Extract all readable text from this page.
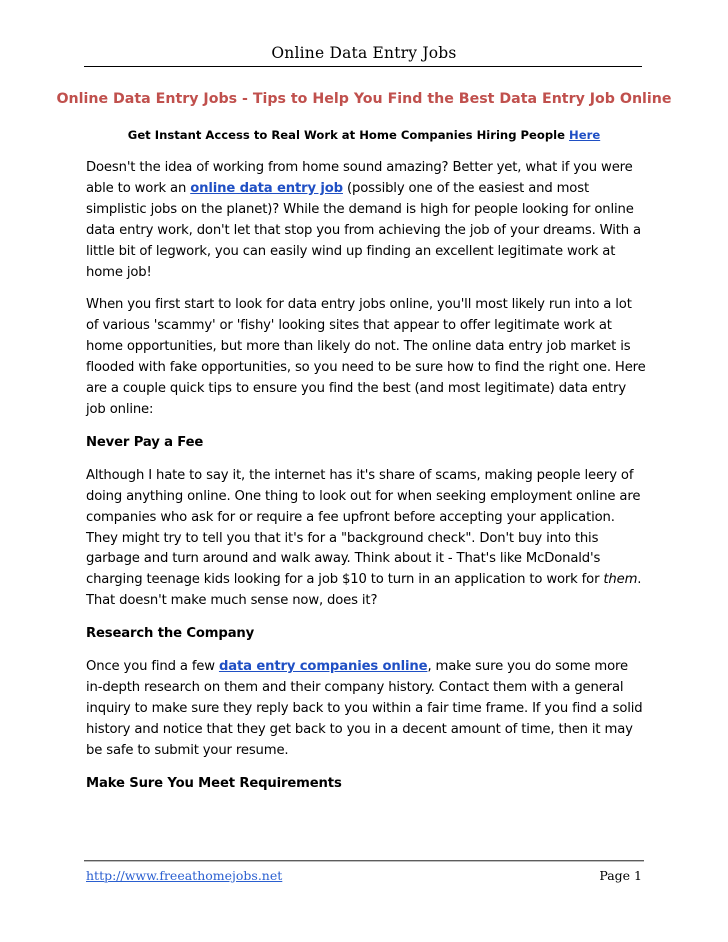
Online Data Entry Jobs
Online Data Entry Jobs - Tips to Help You Find the Best Data Entry Job Online
Get Instant Access to Real Work at Home Companies Hiring People Here

Doesn't the idea of working from home sound amazing? Better yet, what if you were able to work an online data entry job (possibly one of the easiest and most simplistic jobs on the planet)? While the demand is high for people looking for online data entry work, don't let that stop you from achieving the job of your dreams. With a little bit of legwork, you can easily wind up finding an excellent legitimate work at home job!

When you first start to look for data entry jobs online, you'll most likely run into a lot of various 'scammy' or 'fishy' looking sites that appear to offer legitimate work at home opportunities, but more than likely do not. The online data entry job market is flooded with fake opportunities, so you need to be sure how to find the right one. Here are a couple quick tips to ensure you find the best (and most legitimate) data entry job online:

Never Pay a Fee

Although I hate to say it, the internet has it's share of scams, making people leery of doing anything online. One thing to look out for when seeking employment online are companies who ask for or require a fee upfront before accepting your application. They might try to tell you that it's for a "background check". Don't buy into this garbage and turn around and walk away. Think about it - That's like McDonald's charging teenage kids looking for a job $10 to turn in an application to work for them. That doesn't make much sense now, does it?

Research the Company

Once you find a few data entry companies online, make sure you do some more in-depth research on them and their company history. Contact them with a general inquiry to make sure they reply back to you within a fair time frame. If you find a solid history and notice that they get back to you in a decent amount of time, then it may be safe to submit your resume.

Make Sure You Meet Requirements
http://www.freeathomejobs.net	Page 1
